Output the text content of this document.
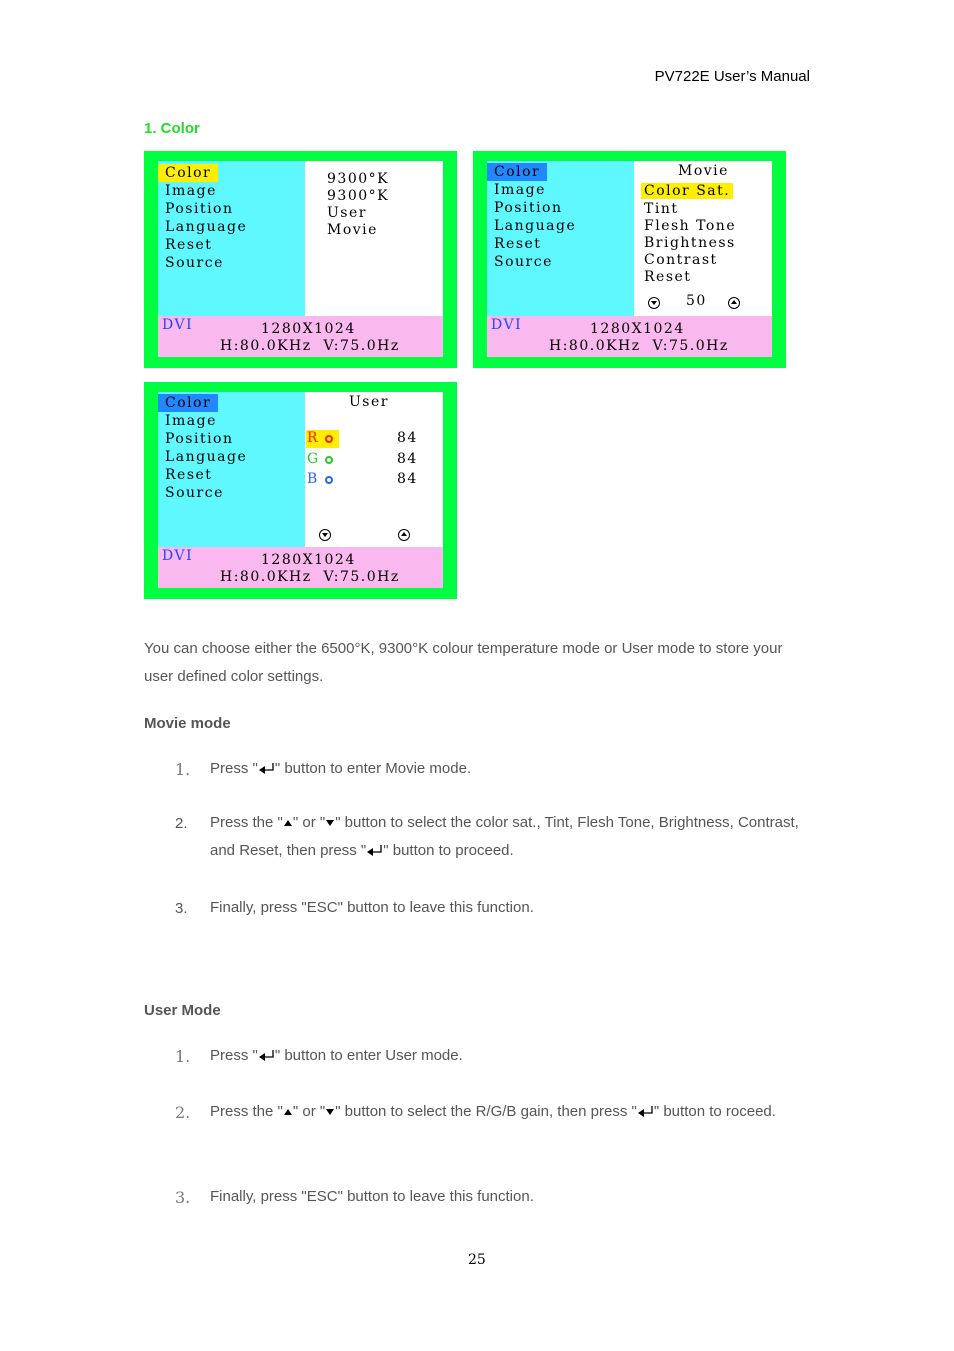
PV722E User’s Manual
1. Color
Color
Image
Position
Language
Reset
Source
9300°K
9300°K
User
Movie
DVI	1280X1024
H:80.0KHz  V:75.0Hz
Color
Image
Position
Language
Reset
Source
Movie
Color Sat.
Tint
Flesh Tone
Brightness
Contrast
Reset
50
DVI	1280X1024
H:80.0KHz  V:75.0Hz
Color
Image
Position
Language
Reset
Source
User
R	84
G	84
B	84
DVI	1280X1024
H:80.0KHz  V:75.0Hz
You can choose either the 6500°K, 9300°K colour temperature mode or User mode to store your user defined color settings.
Movie mode
1. Press " " button to enter Movie mode.
2. Press the " " or " " button to select the color sat., Tint, Flesh Tone, Brightness, Contrast, and Reset, then press " " button to proceed.
3. Finally, press "ESC" button to leave this function.
User Mode
1. Press " " button to enter User mode.
2. Press the " " or " " button to select the R/G/B gain, then press " " button to roceed.
3. Finally, press "ESC" button to leave this function.
25
